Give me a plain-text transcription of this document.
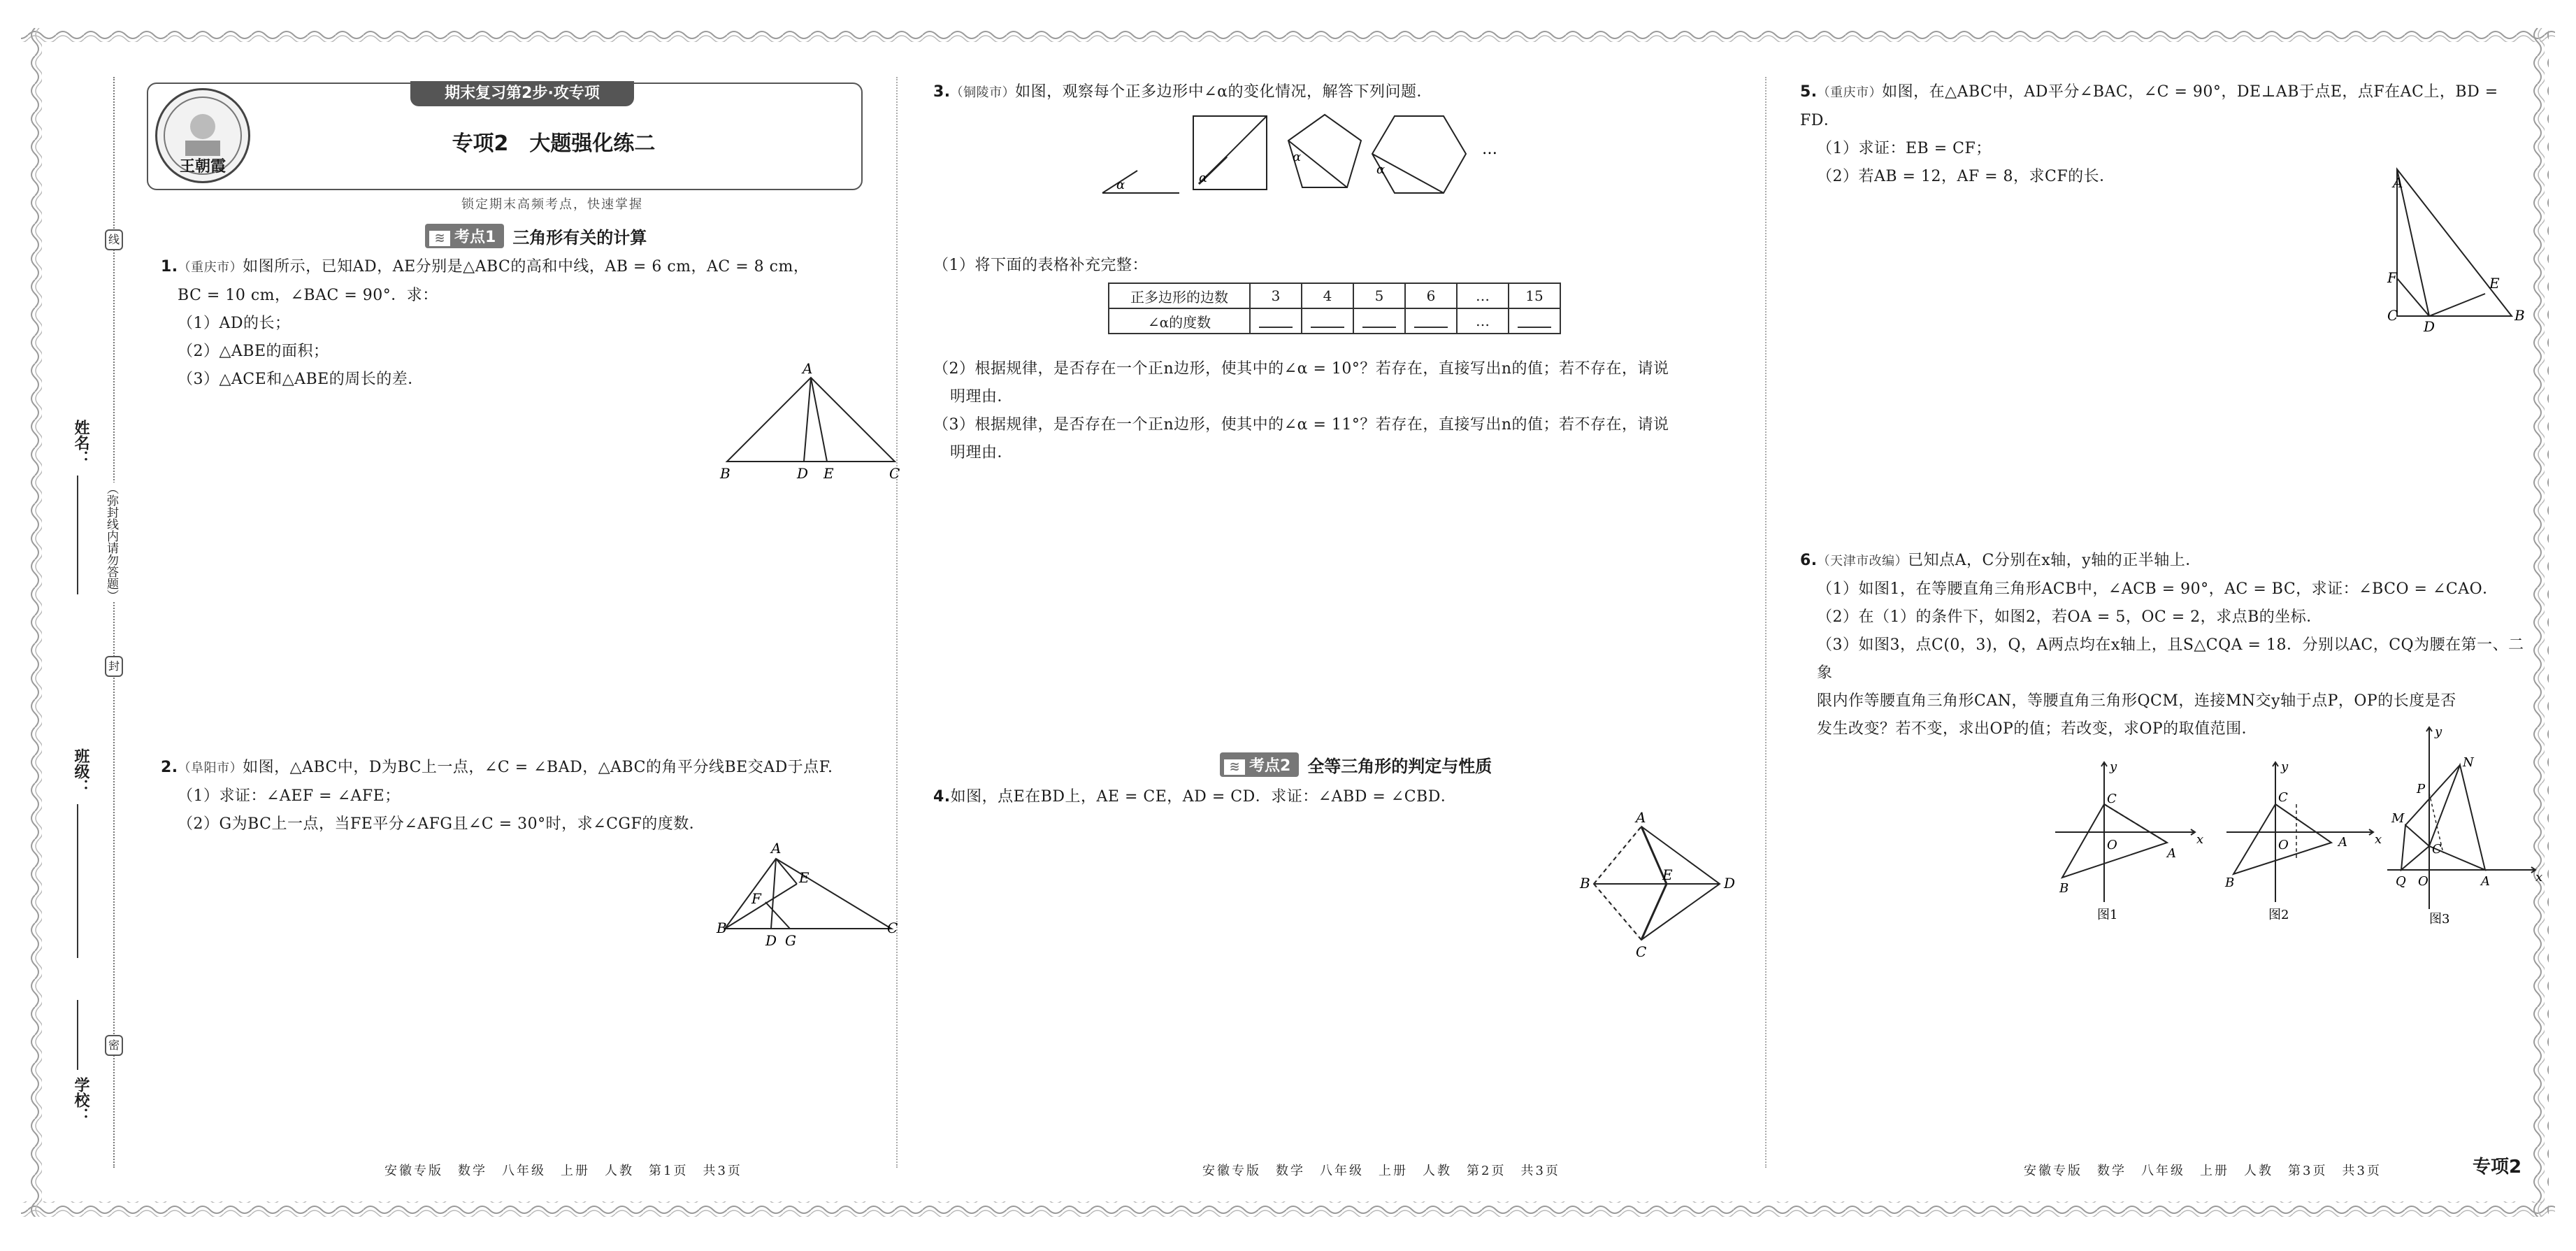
姓名：
班级：
学校：
线
（弥封线内请勿答题）
封
密
王朝霞
期末复习第2步·攻专项
专项2　大题强化练二
锁定期末高频考点，快速掌握
≋ 考点1	三角形有关的计算

1.（重庆市）如图所示，已知AD，AE分别是△ABC的高和中线，AB = 6 cm，AC = 8 cm，

BC = 10 cm，∠BAC = 90°．求：

（1）AD的长；

（2）△ABE的面积；

（3）△ACE和△ABE的周长的差．

A
B	D E	C

2.（阜阳市）如图，△ABC中，D为BC上一点，∠C = ∠BAD，△ABC的角平分线BE交AD于点F.

（1）求证：∠AEF = ∠AFE；

（2）G为BC上一点，当FE平分∠AFG且∠C = 30°时，求∠CGF的度数．

A
B
D G
C
E
F
安徽专版　数学　八年级　上册　人教　第1页　共3页

3.（铜陵市）如图，观察每个正多边形中∠α的变化情况，解答下列问题．

α	α
α
α
…

（1）将下面的表格补充完整：

正多边形的边数	3	4	5	6	…	15
∠α的度数					…	

（2）根据规律，是否存在一个正n边形，使其中的∠α = 10°？若存在，直接写出n的值；若不存在，请说

明理由．

（3）根据规律，是否存在一个正n边形，使其中的∠α = 11°？若存在，直接写出n的值；若不存在，请说

明理由．

≋ 考点2	全等三角形的判定与性质

4.如图，点E在BD上，AE = CE，AD = CD．求证：∠ABD = ∠CBD．

A
B
C
D
E
安徽专版　数学　八年级　上册　人教　第2页　共3页

5.（重庆市）如图，在△ABC中，AD平分∠BAC，∠C = 90°，DE⊥AB于点E，点F在AC上，BD = FD．

（1）求证：EB = CF；

（2）若AB = 12，AF = 8，求CF的长．	A
F	E
C
D
B

6.（天津市改编）已知点A，C分别在x轴，y轴的正半轴上．

（1）如图1，在等腰直角三角形ACB中，∠ACB = 90°，AC = BC，求证：∠BCO = ∠CAO．

（2）在（1）的条件下，如图2，若OA = 5，OC = 2，求点B的坐标．

（3）如图3，点C(0，3)，Q，A两点均在x轴上，且S△CQA = 18．分别以AC，CQ为腰在第一、二象

限内作等腰直角三角形CAN，等腰直角三角形QCM，连接MN交y轴于点P，OP的长度是否

发生改变？若不变，求出OP的值；若改变，求OP的取值范围．

y
x
C
O
A
B
图1
y
x
C
O	A
B
图2
y
x
N
P
M
C
O
Q	A
图3
安徽专版　数学　八年级　上册　人教　第3页　共3页	专项2
